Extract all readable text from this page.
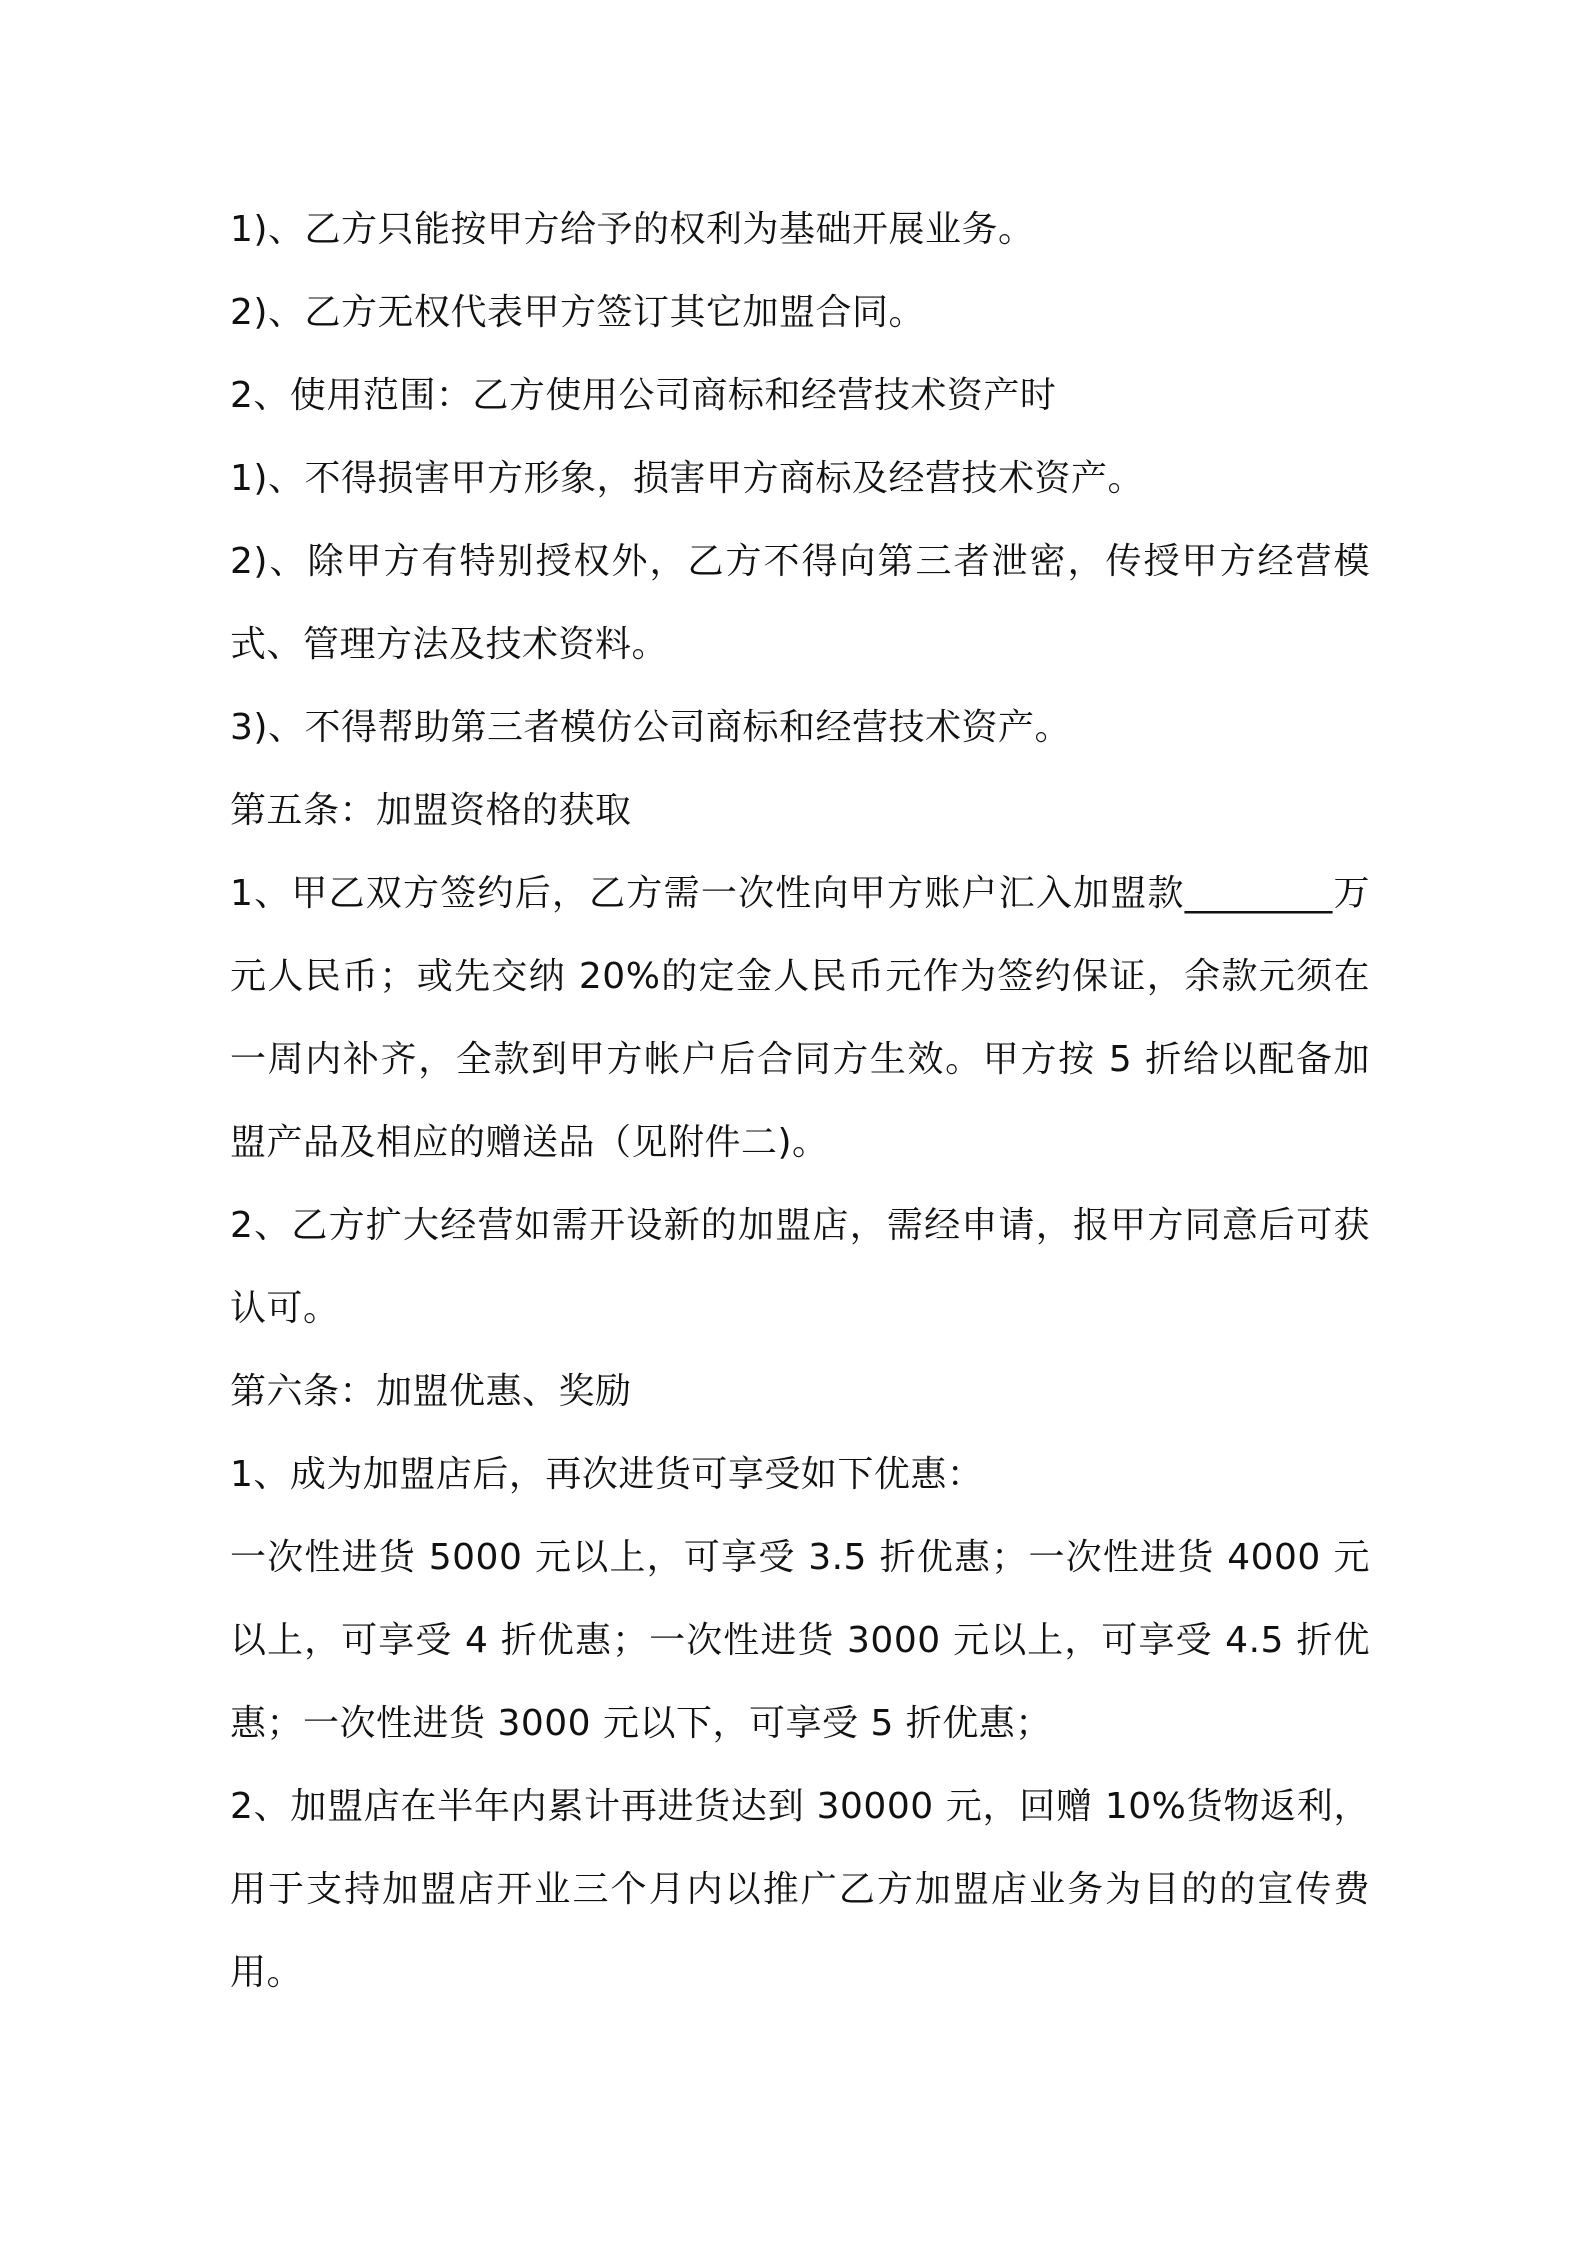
1)、乙方只能按甲方给予的权利为基础开展业务。

2)、乙方无权代表甲方签订其它加盟合同。

2、使用范围：乙方使用公司商标和经营技术资产时

1)、不得损害甲方形象，损害甲方商标及经营技术资产。

2)、除甲方有特别授权外，乙方不得向第三者泄密，传授甲方经营模式、管理方法及技术资料。

3)、不得帮助第三者模仿公司商标和经营技术资产。

第五条：加盟资格的获取

1、甲乙双方签约后，乙方需一次性向甲方账户汇入加盟款________万元人民币；或先交纳 20%的定金人民币元作为签约保证，余款元须在一周内补齐，全款到甲方帐户后合同方生效。甲方按 5 折给以配备加盟产品及相应的赠送品（见附件二)。

2、乙方扩大经营如需开设新的加盟店，需经申请，报甲方同意后可获认可。

第六条：加盟优惠、奖励

1、成为加盟店后，再次进货可享受如下优惠：

一次性进货 5000 元以上，可享受 3.5 折优惠；一次性进货 4000 元以上，可享受 4 折优惠；一次性进货 3000 元以上，可享受 4.5 折优惠；一次性进货 3000 元以下，可享受 5 折优惠；

2、加盟店在半年内累计再进货达到 30000 元，回赠 10%货物返利，用于支持加盟店开业三个月内以推广乙方加盟店业务为目的的宣传费用。
